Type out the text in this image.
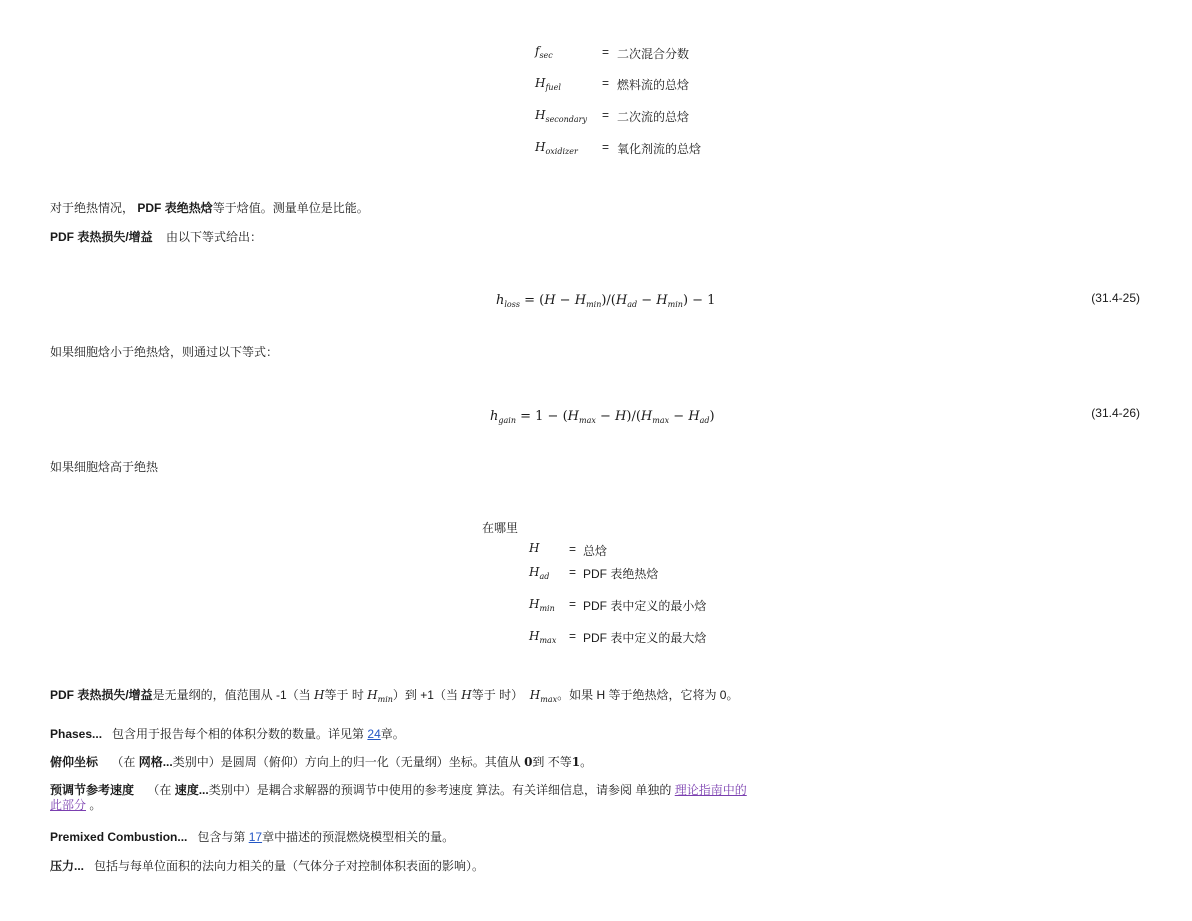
$f_{sec}$	= 二次混合分数
$H_{fuel}$	= 燃料流的总焓
$H_{secondary}$ = 二次流的总焓
$H_{oxidizer}$ = 氧化剂流的总焓
对于绝热情况， PDF 表绝热焓等于焓值。测量单位是比能。
PDF 表热损失/增益 由以下等式给出：
$h_{loss} = (H - H_{min})/(H_{ad} - H_{min}) - 1$	(31.4-25)
如果细胞焓小于绝热焓，则通过以下等式：
$h_{gain} = 1 - (H_{max} - H)/(H_{max} - H_{ad})$	(31.4-26)
如果细胞焓高于绝热
在哪里
H = 总焓
$H_{ad}$ = PDF 表绝热焓
$H_{min}$ = PDF 表中定义的最小焓
$H_{max}$ = PDF 表中定义的最大焓
PDF 表热损失/增益是无量纲的，值范围从 -1（当 H等于 时 $H_{min}$）到 +1（当 H等于 时） $H_{max}$。如果 H 等于绝热焓，它将为 0。
Phases... 包含用于报告每个相的体积分数的数量。详见第 24章。
俯仰坐标 （在 网格...类别中）是圆周（俯仰）方向上的归一化（无量纲）坐标。其值从 0到 不等1。
预调节参考速度 （在 速度...类别中）是耦合求解器的预调节中使用的参考速度 算法。有关详细信息，请参阅 单独的 理论指南中的
此部分 。
Premixed Combustion... 包含与第 17章中描述的预混燃烧模型相关的量。
压力... 包括与每单位面积的法向力相关的量（气体分子对控制体积表面的影响）。
